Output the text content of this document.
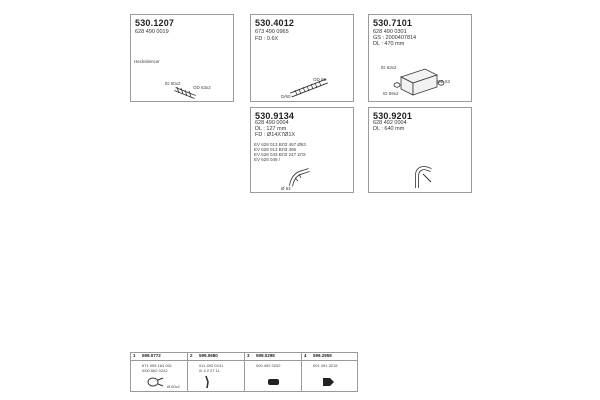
530.1207
628 490 0019
Hecksilencer
ID 60x2
OD 63x2
530.4012
673 490 0965
FD : 0.6X
OD 65
D/60
530.7101
628 490 0301
GS : 2000407814
DL : 470 mm
ID 63x2
ID 69x2
OD 63
530.9134
628 490 0004
DL : 127 mm
FD : Ø14X7Ø1X
ЕV 628 013 ВЛЗ 497 Ø83
ЕV 628 013 ВЛЗ 486
ЕV 628 043 ВЛЗ 247 2ЛЗ
ЕV 628 049 /
Ø 62
530.9201
628 492 0004
DL : 640 mm
1 599.0772
671 995 164 001
0/00 662 0242
Ø 60x2
2 599.0680
011 492 0241
0/ 4 2 27 11
3 599.0298
000 492 0292
4 599.2959
001 491 3215
